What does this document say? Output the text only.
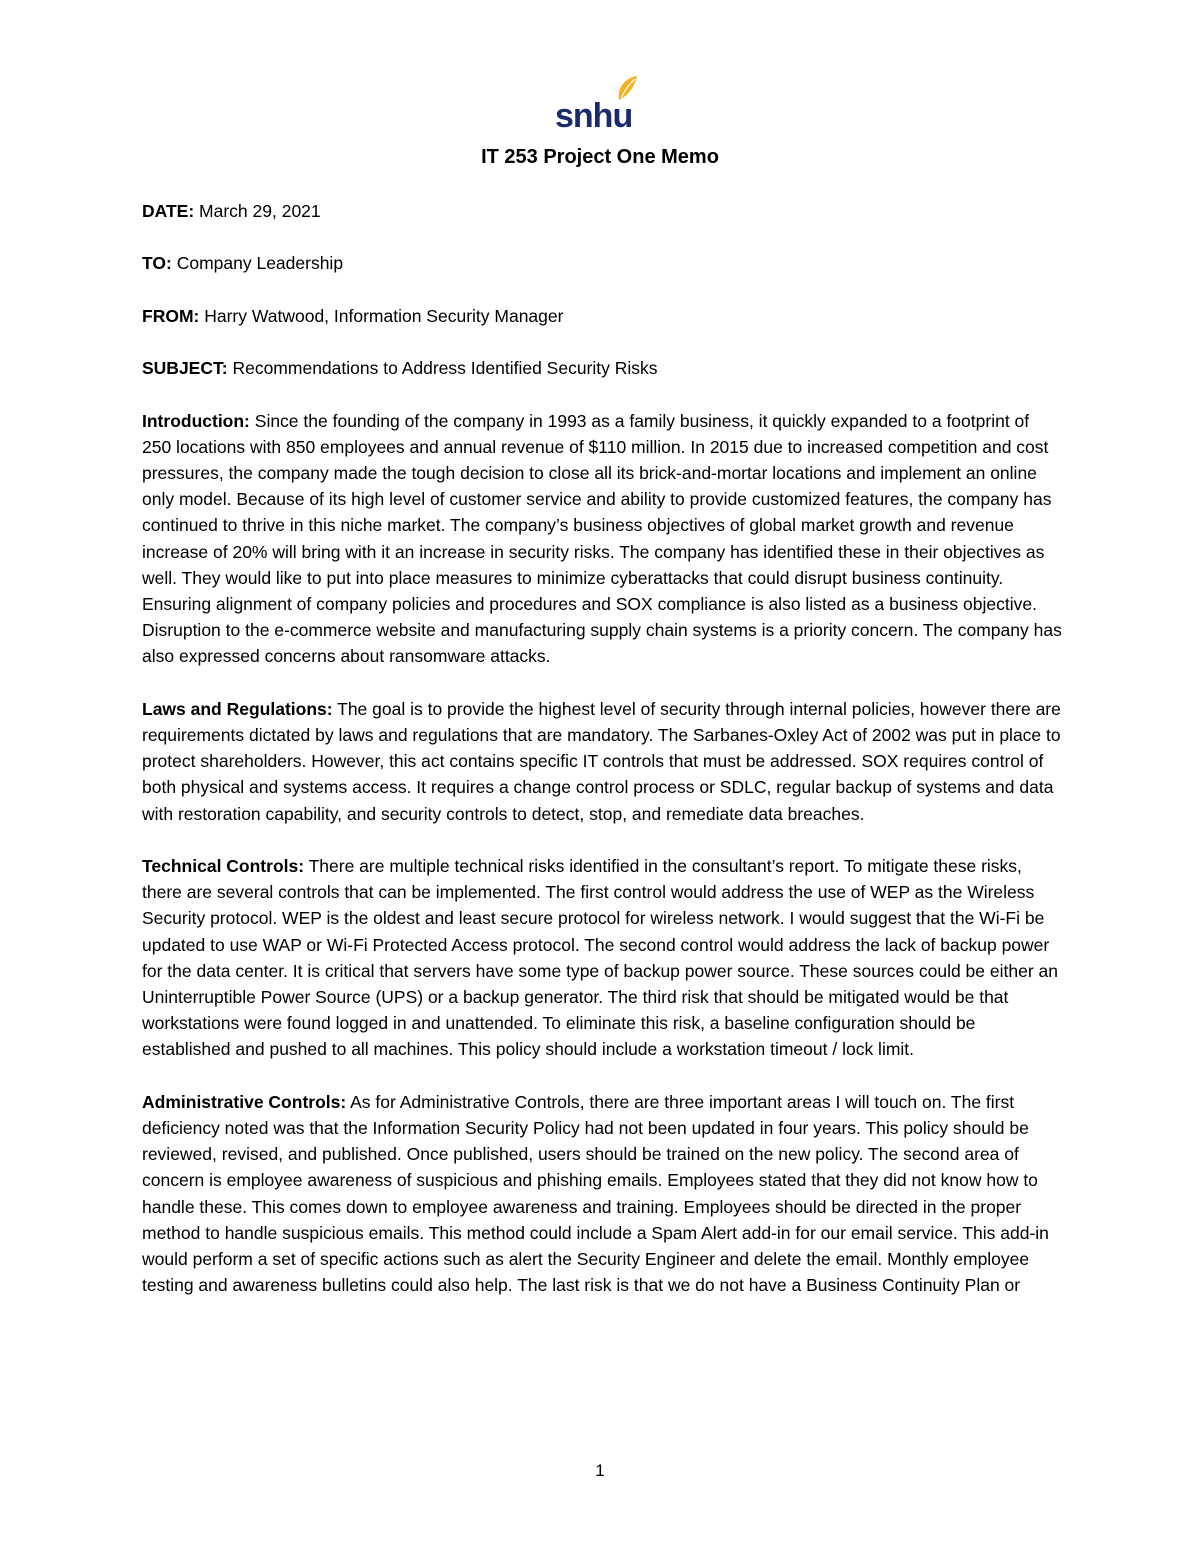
snhu
IT 253 Project One Memo

DATE: March 29, 2021

TO: Company Leadership

FROM: Harry Watwood, Information Security Manager

SUBJECT: Recommendations to Address Identified Security Risks

Introduction: Since the founding of the company in 1993 as a family business, it quickly expanded to a footprint of 250 locations with 850 employees and annual revenue of $110 million. In 2015 due to increased competition and cost pressures, the company made the tough decision to close all its brick-and-mortar locations and implement an online only model. Because of its high level of customer service and ability to provide customized features, the company has continued to thrive in this niche market. The company’s business objectives of global market growth and revenue increase of 20% will bring with it an increase in security risks. The company has identified these in their objectives as well. They would like to put into place measures to minimize cyberattacks that could disrupt business continuity. Ensuring alignment of company policies and procedures and SOX compliance is also listed as a business objective. Disruption to the e-commerce website and manufacturing supply chain systems is a priority concern. The company has also expressed concerns about ransomware attacks.

Laws and Regulations: The goal is to provide the highest level of security through internal policies, however there are requirements dictated by laws and regulations that are mandatory. The Sarbanes-Oxley Act of 2002 was put in place to protect shareholders. However, this act contains specific IT controls that must be addressed. SOX requires control of both physical and systems access. It requires a change control process or SDLC, regular backup of systems and data with restoration capability, and security controls to detect, stop, and remediate data breaches.

Technical Controls: There are multiple technical risks identified in the consultant’s report. To mitigate these risks, there are several controls that can be implemented. The first control would address the use of WEP as the Wireless Security protocol. WEP is the oldest and least secure protocol for wireless network. I would suggest that the Wi-Fi be updated to use WAP or Wi-Fi Protected Access protocol. The second control would address the lack of backup power for the data center. It is critical that servers have some type of backup power source. These sources could be either an Uninterruptible Power Source (UPS) or a backup generator. The third risk that should be mitigated would be that workstations were found logged in and unattended. To eliminate this risk, a baseline configuration should be established and pushed to all machines. This policy should include a workstation timeout / lock limit.

Administrative Controls: As for Administrative Controls, there are three important areas I will touch on. The first deficiency noted was that the Information Security Policy had not been updated in four years. This policy should be reviewed, revised, and published. Once published, users should be trained on the new policy. The second area of concern is employee awareness of suspicious and phishing emails. Employees stated that they did not know how to handle these. This comes down to employee awareness and training. Employees should be directed in the proper method to handle suspicious emails. This method could include a Spam Alert add-in for our email service. This add-in would perform a set of specific actions such as alert the Security Engineer and delete the email. Monthly employee testing and awareness bulletins could also help. The last risk is that we do not have a Business Continuity Plan or

1
